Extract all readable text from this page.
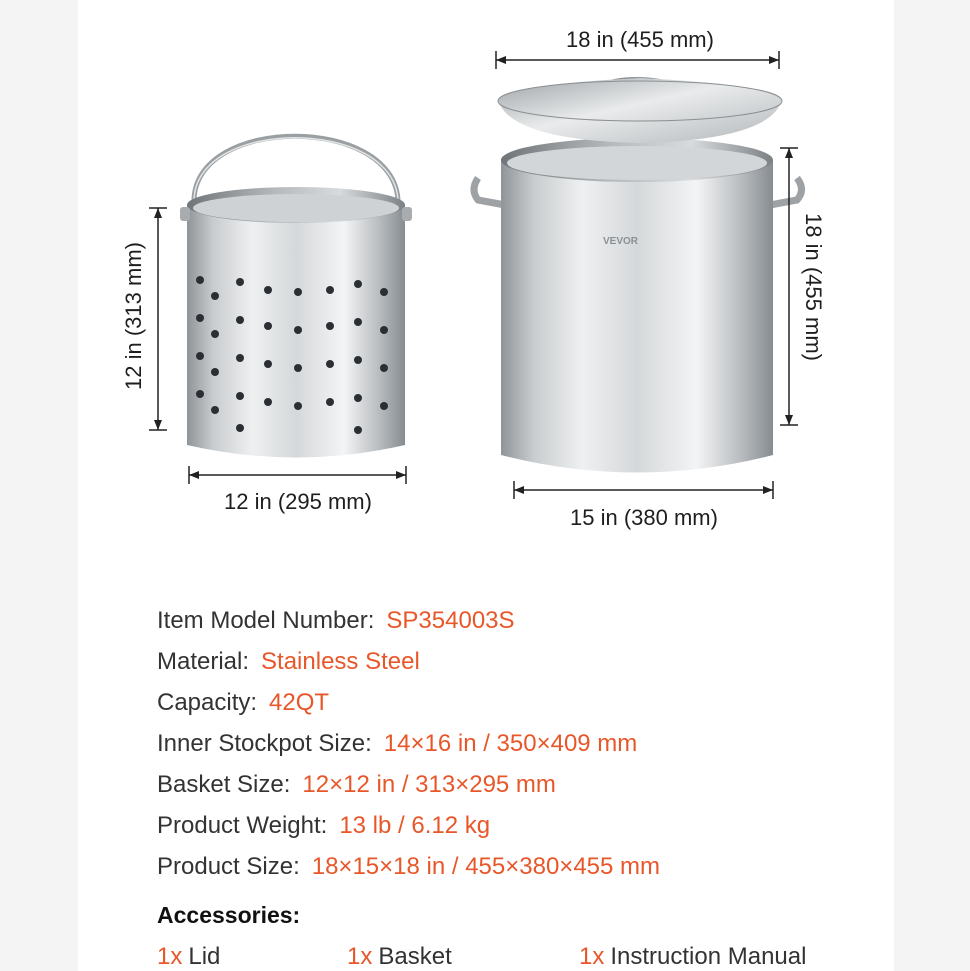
VEVOR
18 in (455 mm)
18 in (455 mm)
15 in (380 mm)
12 in (313 mm)
12 in (295 mm)
Item Model Number: SP354003S
Material: Stainless Steel
Capacity: 42QT
Inner Stockpot Size: 14×16 in / 350×409 mm
Basket Size: 12×12 in / 313×295 mm
Product Weight: 13 lb / 6.12 kg
Product Size: 18×15×18 in / 455×380×455 mm
Accessories:
1x Lid	1x Basket	1x Instruction Manual
